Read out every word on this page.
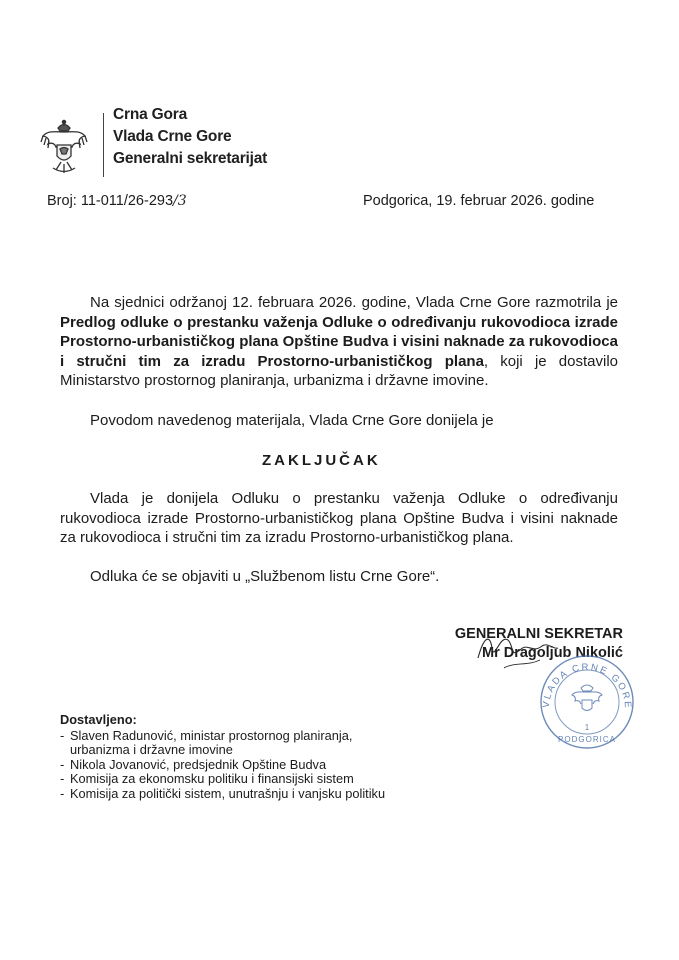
Crna Gora
Vlada Crne Gore
Generalni sekretarijat
Broj: 11-011/26-293/3	Podgorica, 19. februar 2026. godine
Na sjednici održanoj 12. februara 2026. godine, Vlada Crne Gore razmotrila je Predlog odluke o prestanku važenja Odluke o određivanju rukovodioca izrade Prostorno-urbanističkog plana Opštine Budva i visini naknade za rukovodioca i stručni tim za izradu Prostorno-urbanističkog plana, koji je dostavilo Ministarstvo prostornog planiranja, urbanizma i državne imovine.
Povodom navedenog materijala, Vlada Crne Gore donijela je
ZAKLJUČAK
Vlada je donijela Odluku o prestanku važenja Odluke o određivanju rukovodioca izrade Prostorno-urbanističkog plana Opštine Budva i visini naknade za rukovodioca i stručni tim za izradu Prostorno-urbanističkog plana.
Odluka će se objaviti u „Službenom listu Crne Gore“.
GENERALNI SEKRETAR
Mr Dragoljub Nikolić
VLADA CRNE GORE
1
PODGORICA
Dostavljeno:
- Slaven Radunović, ministar prostornog planiranja, urbanizma i državne imovine
- Nikola Jovanović, predsjednik Opštine Budva
- Komisija za ekonomsku politiku i finansijski sistem
- Komisija za politički sistem, unutrašnju i vanjsku politiku
